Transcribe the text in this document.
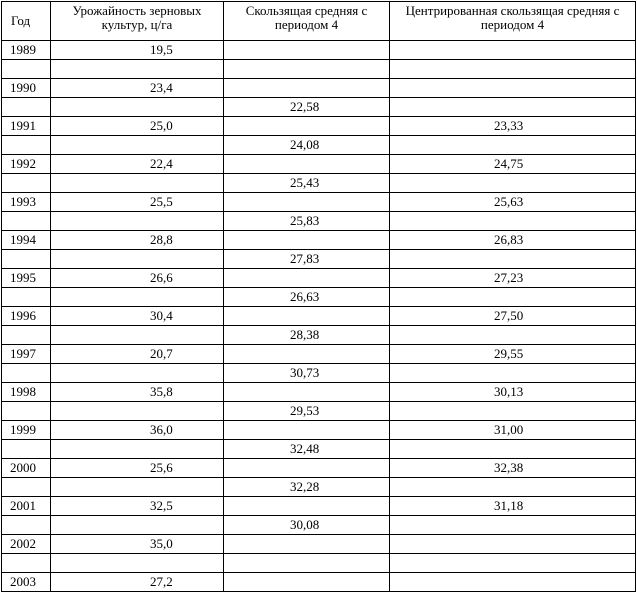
Год	Урожайность зерновых культур, ц/га	Скользящая средняя с периодом 4	Центрированная скользящая средняя с периодом 4
1989	19,5		

1990	23,4		
		22,58	
1991	25,0		23,33
		24,08	
1992	22,4		24,75
		25,43	
1993	25,5		25,63
		25,83	
1994	28,8		26,83
		27,83	
1995	26,6		27,23
		26,63	
1996	30,4		27,50
		28,38	
1997	20,7		29,55
		30,73	
1998	35,8		30,13
		29,53	
1999	36,0		31,00
		32,48	
2000	25,6		32,38
		32,28	
2001	32,5		31,18
		30,08	
2002	35,0		

2003	27,2		
